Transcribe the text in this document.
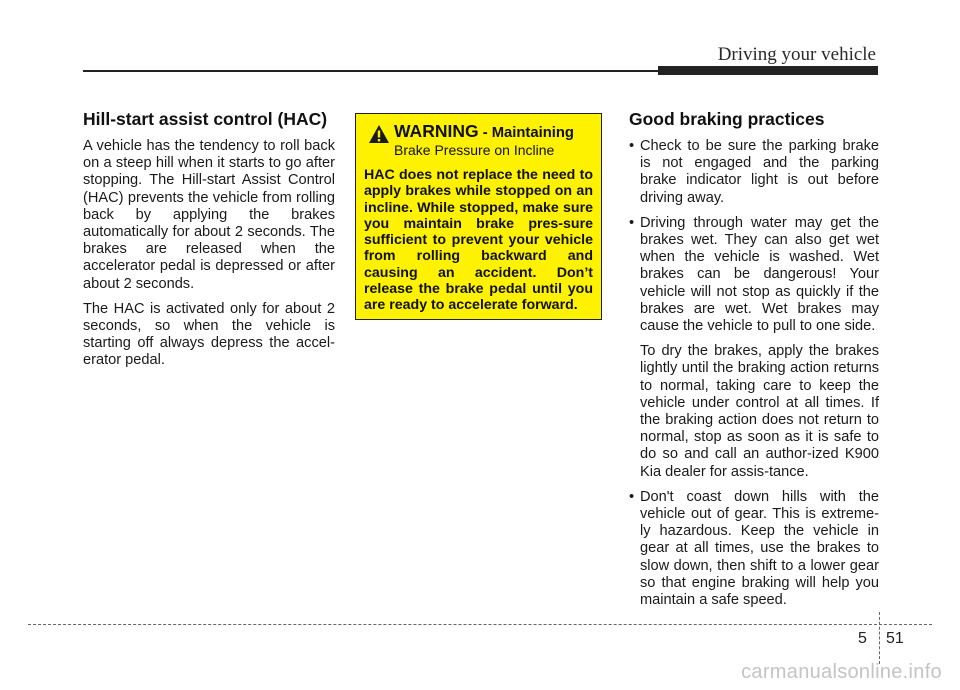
Driving your vehicle
Hill-start assist control (HAC)

A vehicle has the tendency to roll back on a steep hill when it starts to go after stopping. The Hill-start Assist Control (HAC) prevents the vehicle from rolling back by applying the brakes automatically for about 2 seconds. The brakes are released when the accelerator pedal is depressed or after about 2 seconds.

The HAC is activated only for about 2 seconds, so when the vehicle is starting off always depress the accel-erator pedal.

WARNING - Maintaining
Brake Pressure on Incline

HAC does not replace the need to apply brakes while stopped on an incline. While stopped, make sure you maintain brake pres-sure sufficient to prevent your vehicle from rolling backward and causing an accident. Don’t release the brake pedal until you are ready to accelerate forward.

Good braking practices
• Check to be sure the parking brake is not engaged and the parking brake indicator light is out before driving away.

• Driving through water may get the brakes wet. They can also get wet when the vehicle is washed. Wet brakes can be dangerous! Your vehicle will not stop as quickly if the brakes are wet. Wet brakes may cause the vehicle to pull to one side.

To dry the brakes, apply the brakes lightly until the braking action returns to normal, taking care to keep the vehicle under control at all times. If the braking action does not return to normal, stop as soon as it is safe to do so and call an author-ized K900 Kia dealer for assis-tance.

• Don't coast down hills with the vehicle out of gear. This is extreme-ly hazardous. Keep the vehicle in gear at all times, use the brakes to slow down, then shift to a lower gear so that engine braking will help you maintain a safe speed.

5 51
carmanualsonline.info
